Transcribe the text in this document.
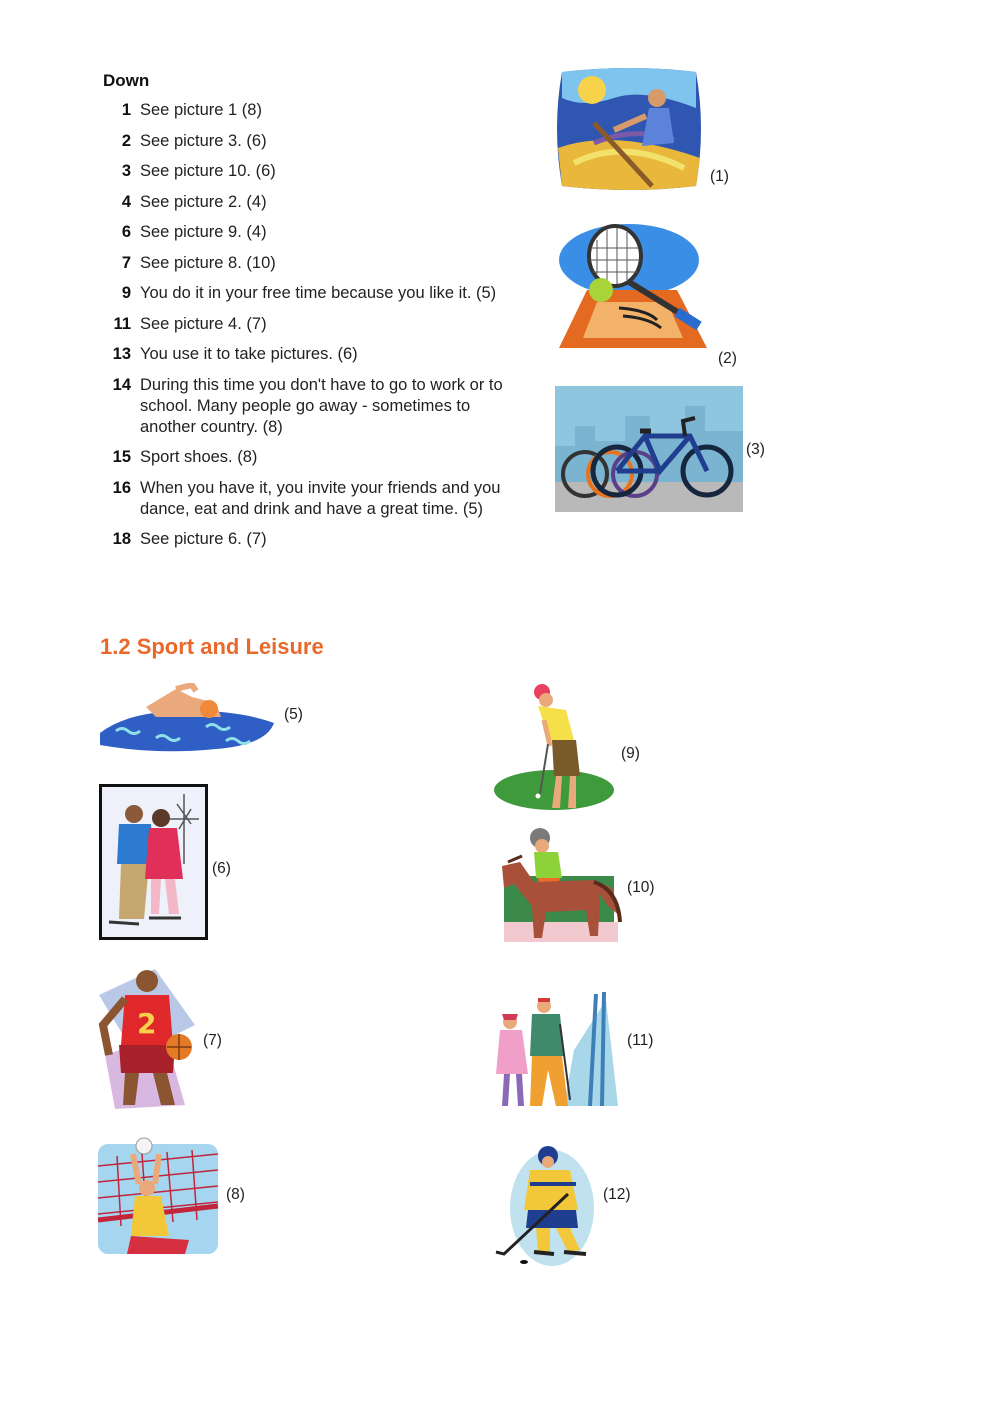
Down
1 See picture 1 (8)
2 See picture 3. (6)
3 See picture 10. (6)
4 See picture 2. (4)
6 See picture 9. (4)
7 See picture 8. (10)
9 You do it in your free time because you like it. (5)
11 See picture 4. (7)
13 You use it to take pictures. (6)
14 During this time you don't have to go to work or to school. Many people go away - sometimes to another country. (8)
15 Sport shoes. (8)
16 When you have it, you invite your friends and you dance, eat and drink and have a great time. (5)
18 See picture 6. (7)
(1)
(2)
(3)
1.2 Sport and Leisure
(5)
(6)
2
(7)
(8)
(9)
(10)
(11)
(12)
